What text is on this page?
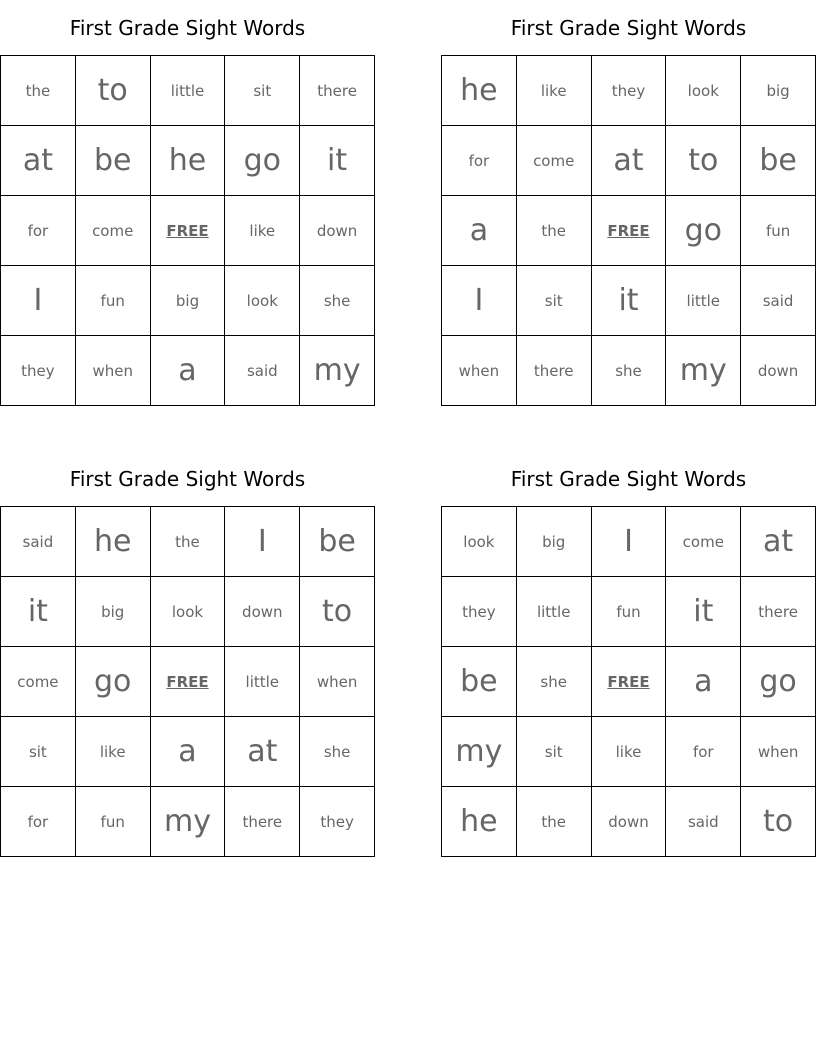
First Grade Sight Words
the	to	little	sit	there
at	be	he	go	it
for	come	FREE	like	down
I	fun	big	look	she
they	when	a	said	my
First Grade Sight Words
he	like	they	look	big
for	come	at	to	be
a	the	FREE	go	fun
I	sit	it	little	said
when	there	she	my	down
First Grade Sight Words
said	he	the	I	be
it	big	look	down	to
come	go	FREE	little	when
sit	like	a	at	she
for	fun	my	there	they
First Grade Sight Words
look	big	I	come	at
they	little	fun	it	there
be	she	FREE	a	go
my	sit	like	for	when
he	the	down	said	to
